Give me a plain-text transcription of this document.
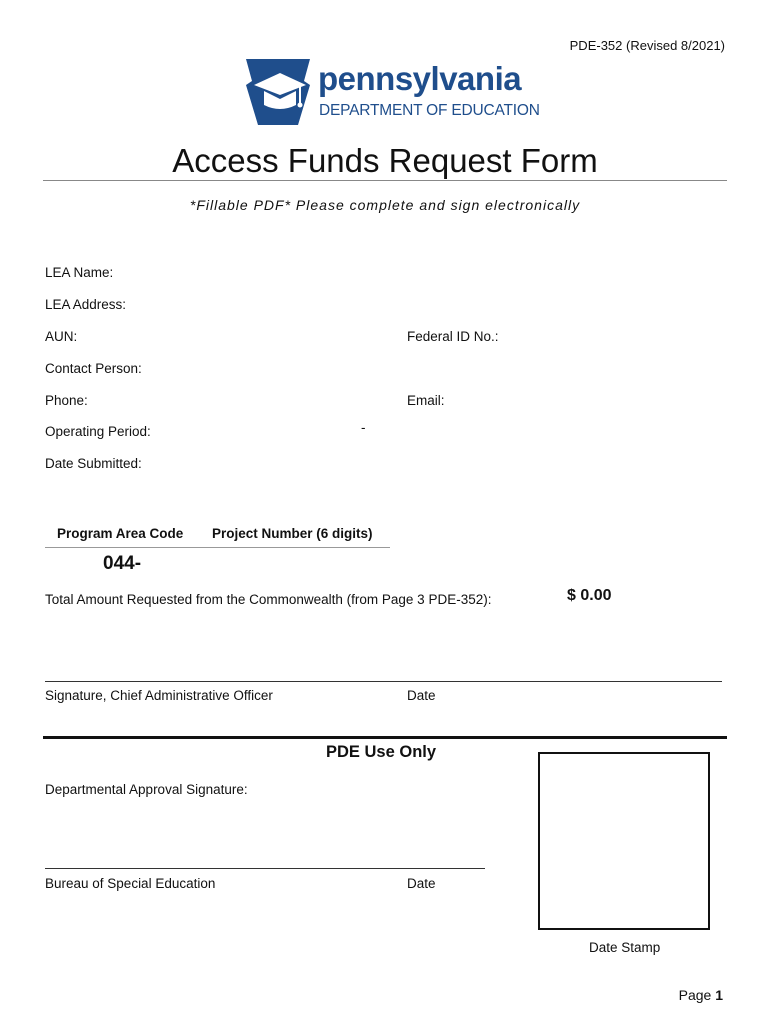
PDE-352 (Revised 8/2021)
pennsylvania
DEPARTMENT OF EDUCATION
Access Funds Request Form
*Fillable PDF* Please complete and sign electronically
LEA Name:
LEA Address:
AUN:	Federal ID No.:
Contact Person:
Phone:	Email:
Operating Period:	-
Date Submitted:
Program Area Code Project Number (6 digits)
044-
Total Amount Requested from the Commonwealth (from Page 3 PDE-352):	$ 0.00
Signature, Chief Administrative Officer	Date
PDE Use Only
Departmental Approval Signature:
Bureau of Special Education	Date
Date Stamp
Page 1
